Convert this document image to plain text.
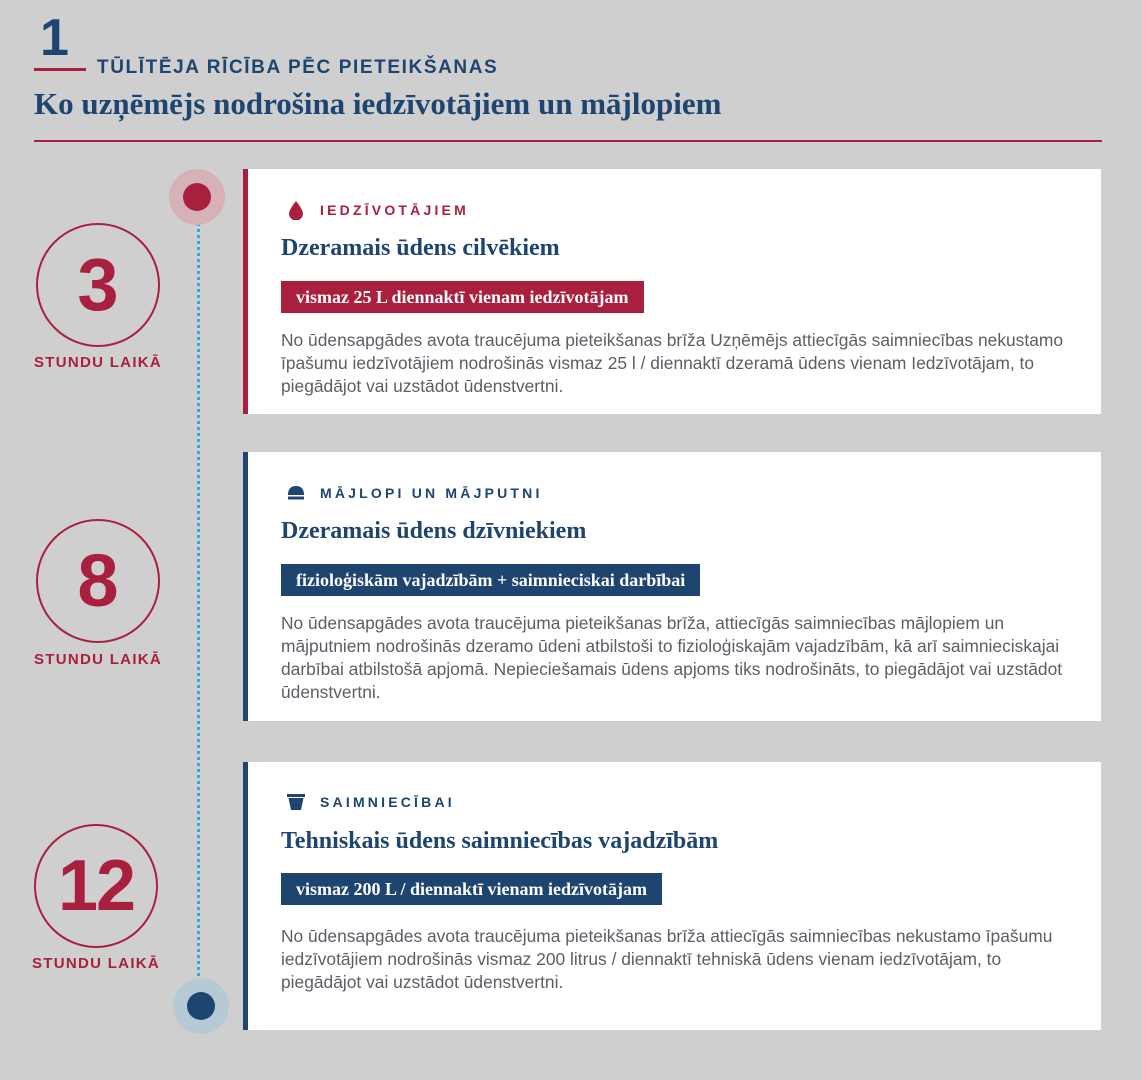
1
TŪLĪTĒJA RĪCĪBA PĒC PIETEIKŠANAS
Ko uzņēmējs nodrošina iedzīvotājiem un mājlopiem
3
STUNDU LAIKĀ
8
STUNDU LAIKĀ
12
STUNDU LAIKĀ
IEDZĪVOTĀJIEM
Dzeramais ūdens cilvēkiem
vismaz 25 L diennaktī vienam iedzīvotājam

No ūdensapgādes avota traucējuma pieteikšanas brīža Uzņēmējs attiecīgās saimniecības nekustamo īpašumu iedzīvotājiem nodrošinās vismaz 25 l / diennaktī dzeramā ūdens vienam Iedzīvotājam, to piegādājot vai uzstādot ūdenstvertni.

MĀJLOPI UN MĀJPUTNI
Dzeramais ūdens dzīvniekiem
fizioloģiskām vajadzībām + saimnieciskai darbībai

No ūdensapgādes avota traucējuma pieteikšanas brīža, attiecīgās saimniecības mājlopiem un mājputniem nodrošinās dzeramo ūdeni atbilstoši to fizioloģiskajām vajadzībām, kā arī saimnieciskajai darbībai atbilstošā apjomā. Nepieciešamais ūdens apjoms tiks nodrošināts, to piegādājot vai uzstādot ūdenstvertni.

SAIMNIECĪBAI
Tehniskais ūdens saimniecības vajadzībām
vismaz 200 L / diennaktī vienam iedzīvotājam

No ūdensapgādes avota traucējuma pieteikšanas brīža attiecīgās saimniecības nekustamo īpašumu iedzīvotājiem nodrošinās vismaz 200 litrus / diennaktī tehniskā ūdens vienam iedzīvotājam, to piegādājot vai uzstādot ūdenstvertni.
